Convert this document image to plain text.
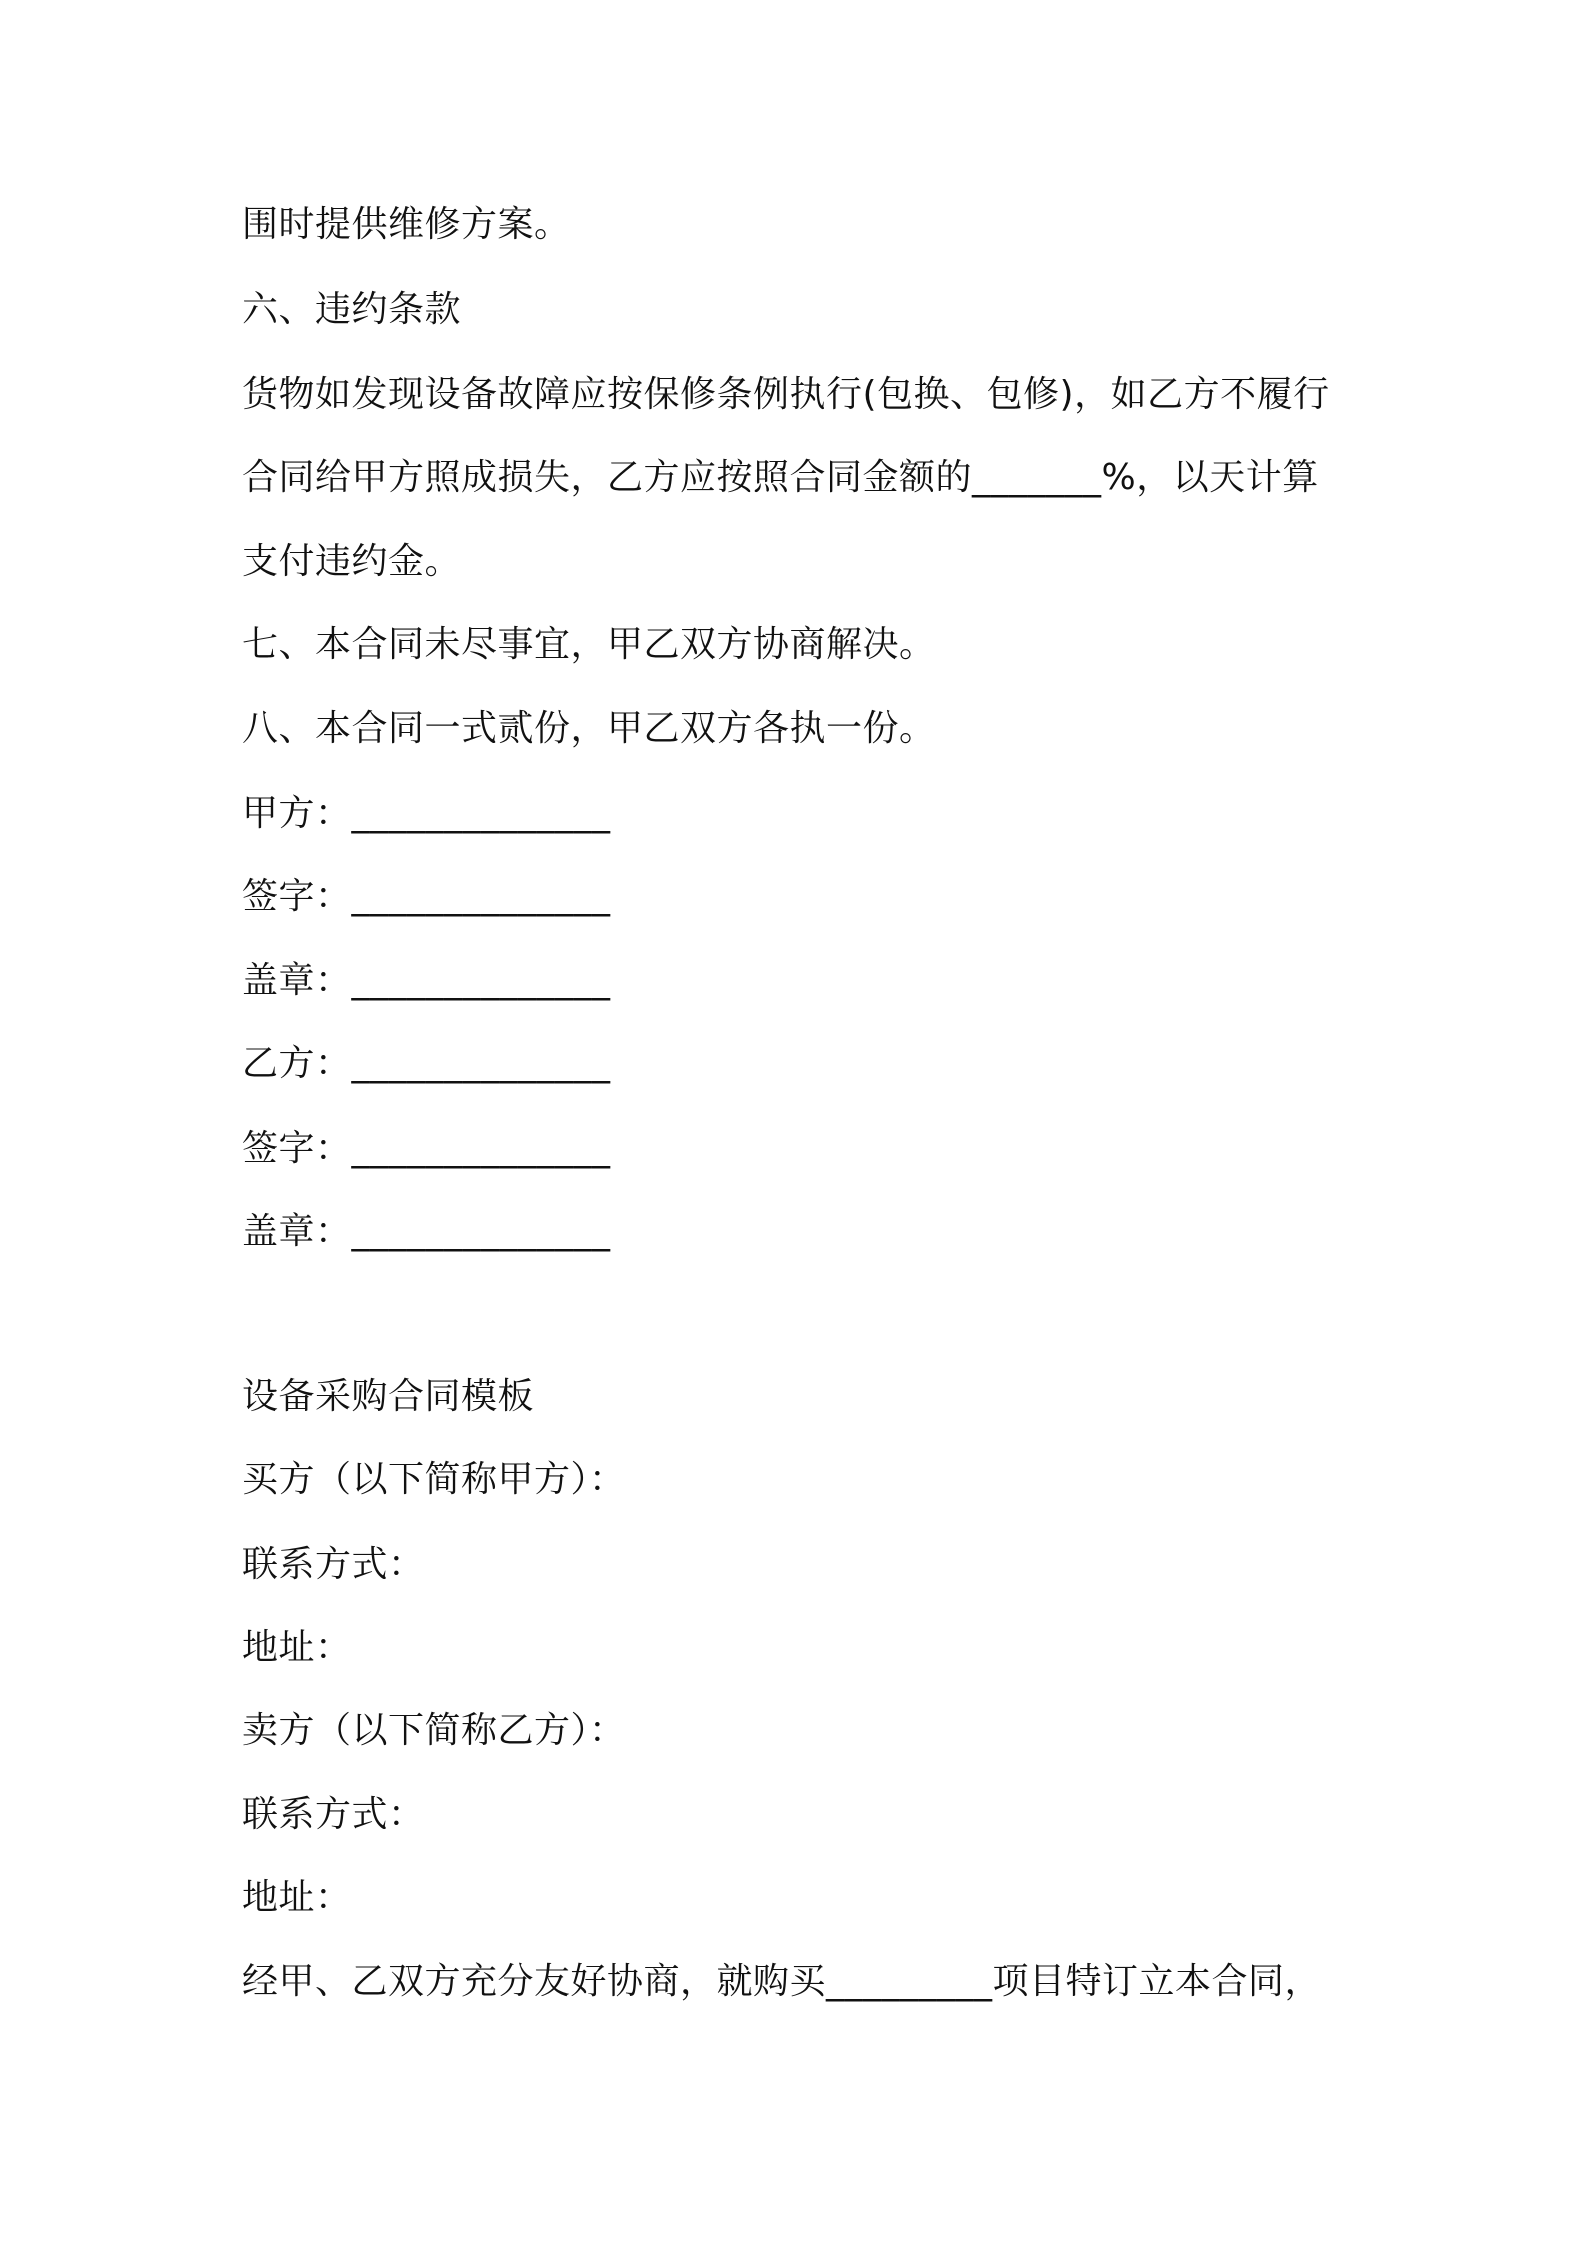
围时提供维修方案。
六、违约条款
货物如发现设备故障应按保修条例执行(包换、包修)，如乙方不履行
合同给甲方照成损失，乙方应按照合同金额的_______%，以天计算
支付违约金。
七、本合同未尽事宜，甲乙双方协商解决。
八、本合同一式贰份，甲乙双方各执一份。
甲方：______________
签字：______________
盖章：______________
乙方：______________
签字：______________
盖章：______________
设备采购合同模板
买方（以下简称甲方）：
联系方式：
地址：
卖方（以下简称乙方）：
联系方式：
地址：
经甲、乙双方充分友好协商，就购买_________项目特订立本合同，
